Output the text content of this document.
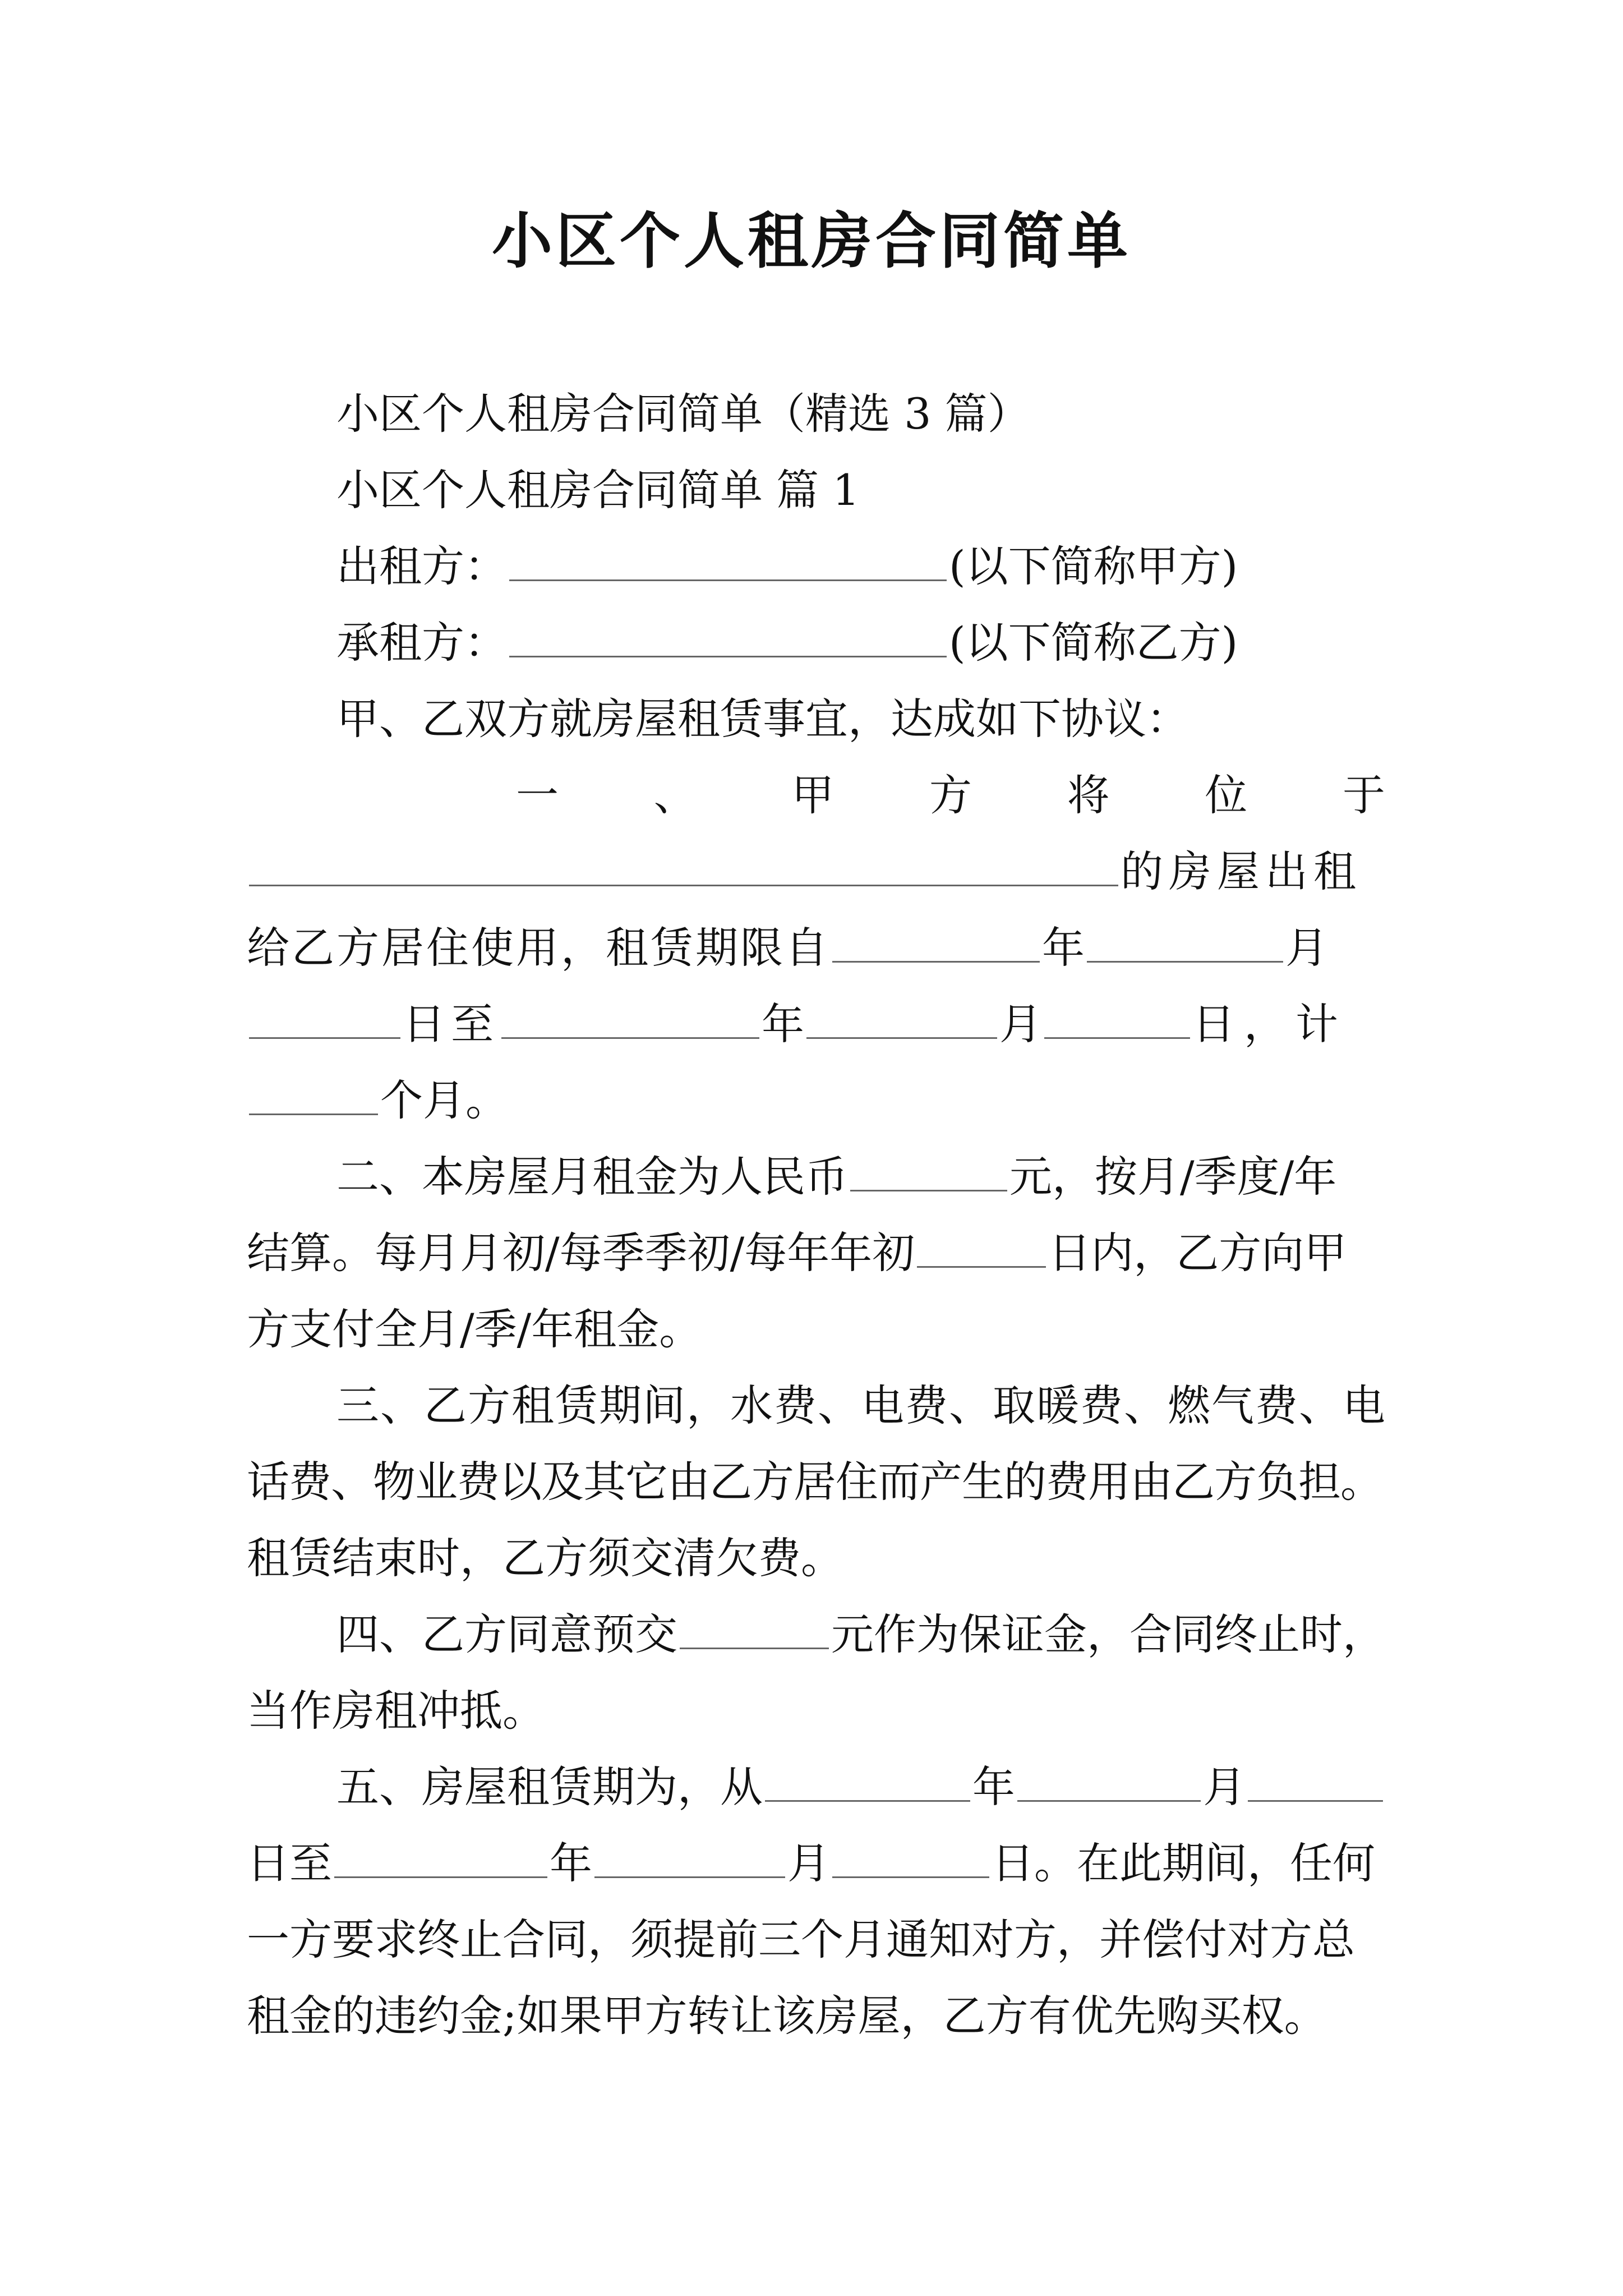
小区个人租房合同简单
小区个人租房合同简单（精选 3 篇）
小区个人租房合同简单 篇 1
出租方：	(以下简称甲方)
承租方：	(以下简称乙方)
甲、乙双方就房屋租赁事宜，达成如下协议：
一 、 甲 方 将 位 于
的房屋出租
给乙方居住使用，租赁期限自	年	月
日至	年	月	日，计
个月。
二、本房屋月租金为人民币	元，按月/季度/年
结算。每月月初/每季季初/每年年初	日内，乙方向甲
方支付全月/季/年租金。
三、乙方租赁期间，水费、电费、取暖费、燃气费、电
话费、物业费以及其它由乙方居住而产生的费用由乙方负担。
租赁结束时，乙方须交清欠费。
四、乙方同意预交	元作为保证金，合同终止时，
当作房租冲抵。
五、房屋租赁期为，从	年	月
日至	年	月	日。在此期间，任何
一方要求终止合同，须提前三个月通知对方，并偿付对方总
租金的违约金;如果甲方转让该房屋，乙方有优先购买权。
